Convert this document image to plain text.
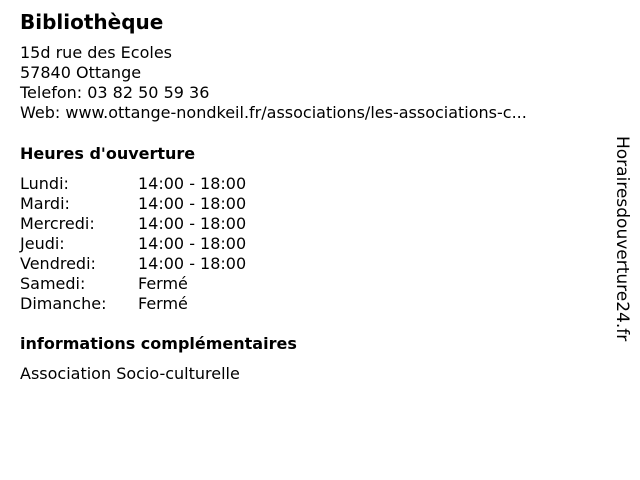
Bibliothèque
15d rue des Ecoles
57840 Ottange
Telefon: 03 82 50 59 36
Web: www.ottange-nondkeil.fr/associations/les-associations-c...
Heures d'ouverture
Lundi:	14:00 - 18:00
Mardi:	14:00 - 18:00
Mercredi:	14:00 - 18:00
Jeudi:	14:00 - 18:00
Vendredi:	14:00 - 18:00
Samedi:	Fermé
Dimanche:	Fermé
informations complémentaires
Association Socio-culturelle
Horairesdouverture24.fr
